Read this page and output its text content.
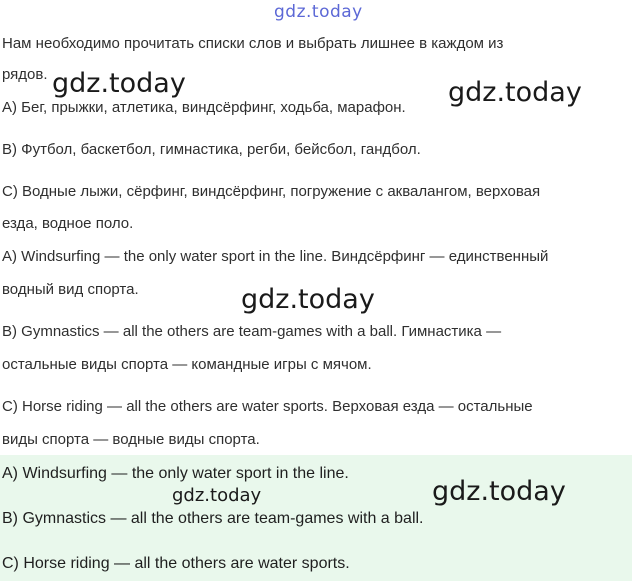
gdz.today
Нам необходимо прочитать списки слов и выбрать лишнее в каждом из
рядов.
А) Бег, прыжки, атлетика, виндсёрфинг, ходьба, марафон.
В) Футбол, баскетбол, гимнастика, регби, бейсбол, гандбол.
С) Водные лыжи, сёрфинг, виндсёрфинг, погружение с аквалангом, верховая
езда, водное поло.
А) Windsurfing — the only water sport in the line. Виндсёрфинг — единственный
водный вид спорта.
В) Gymnastics — all the others are team-games with a ball. Гимнастика —
остальные виды спорта — командные игры с мячом.
С) Horse riding — all the others are water sports. Верховая езда — остальные
виды спорта — водные виды спорта.
A) Windsurfing — the only water sport in the line.
B) Gymnastics — all the others are team-games with a ball.
C) Horse riding — all the others are water sports.
gdz.today	gdz.today
gdz.today
gdz.today	gdz.today
